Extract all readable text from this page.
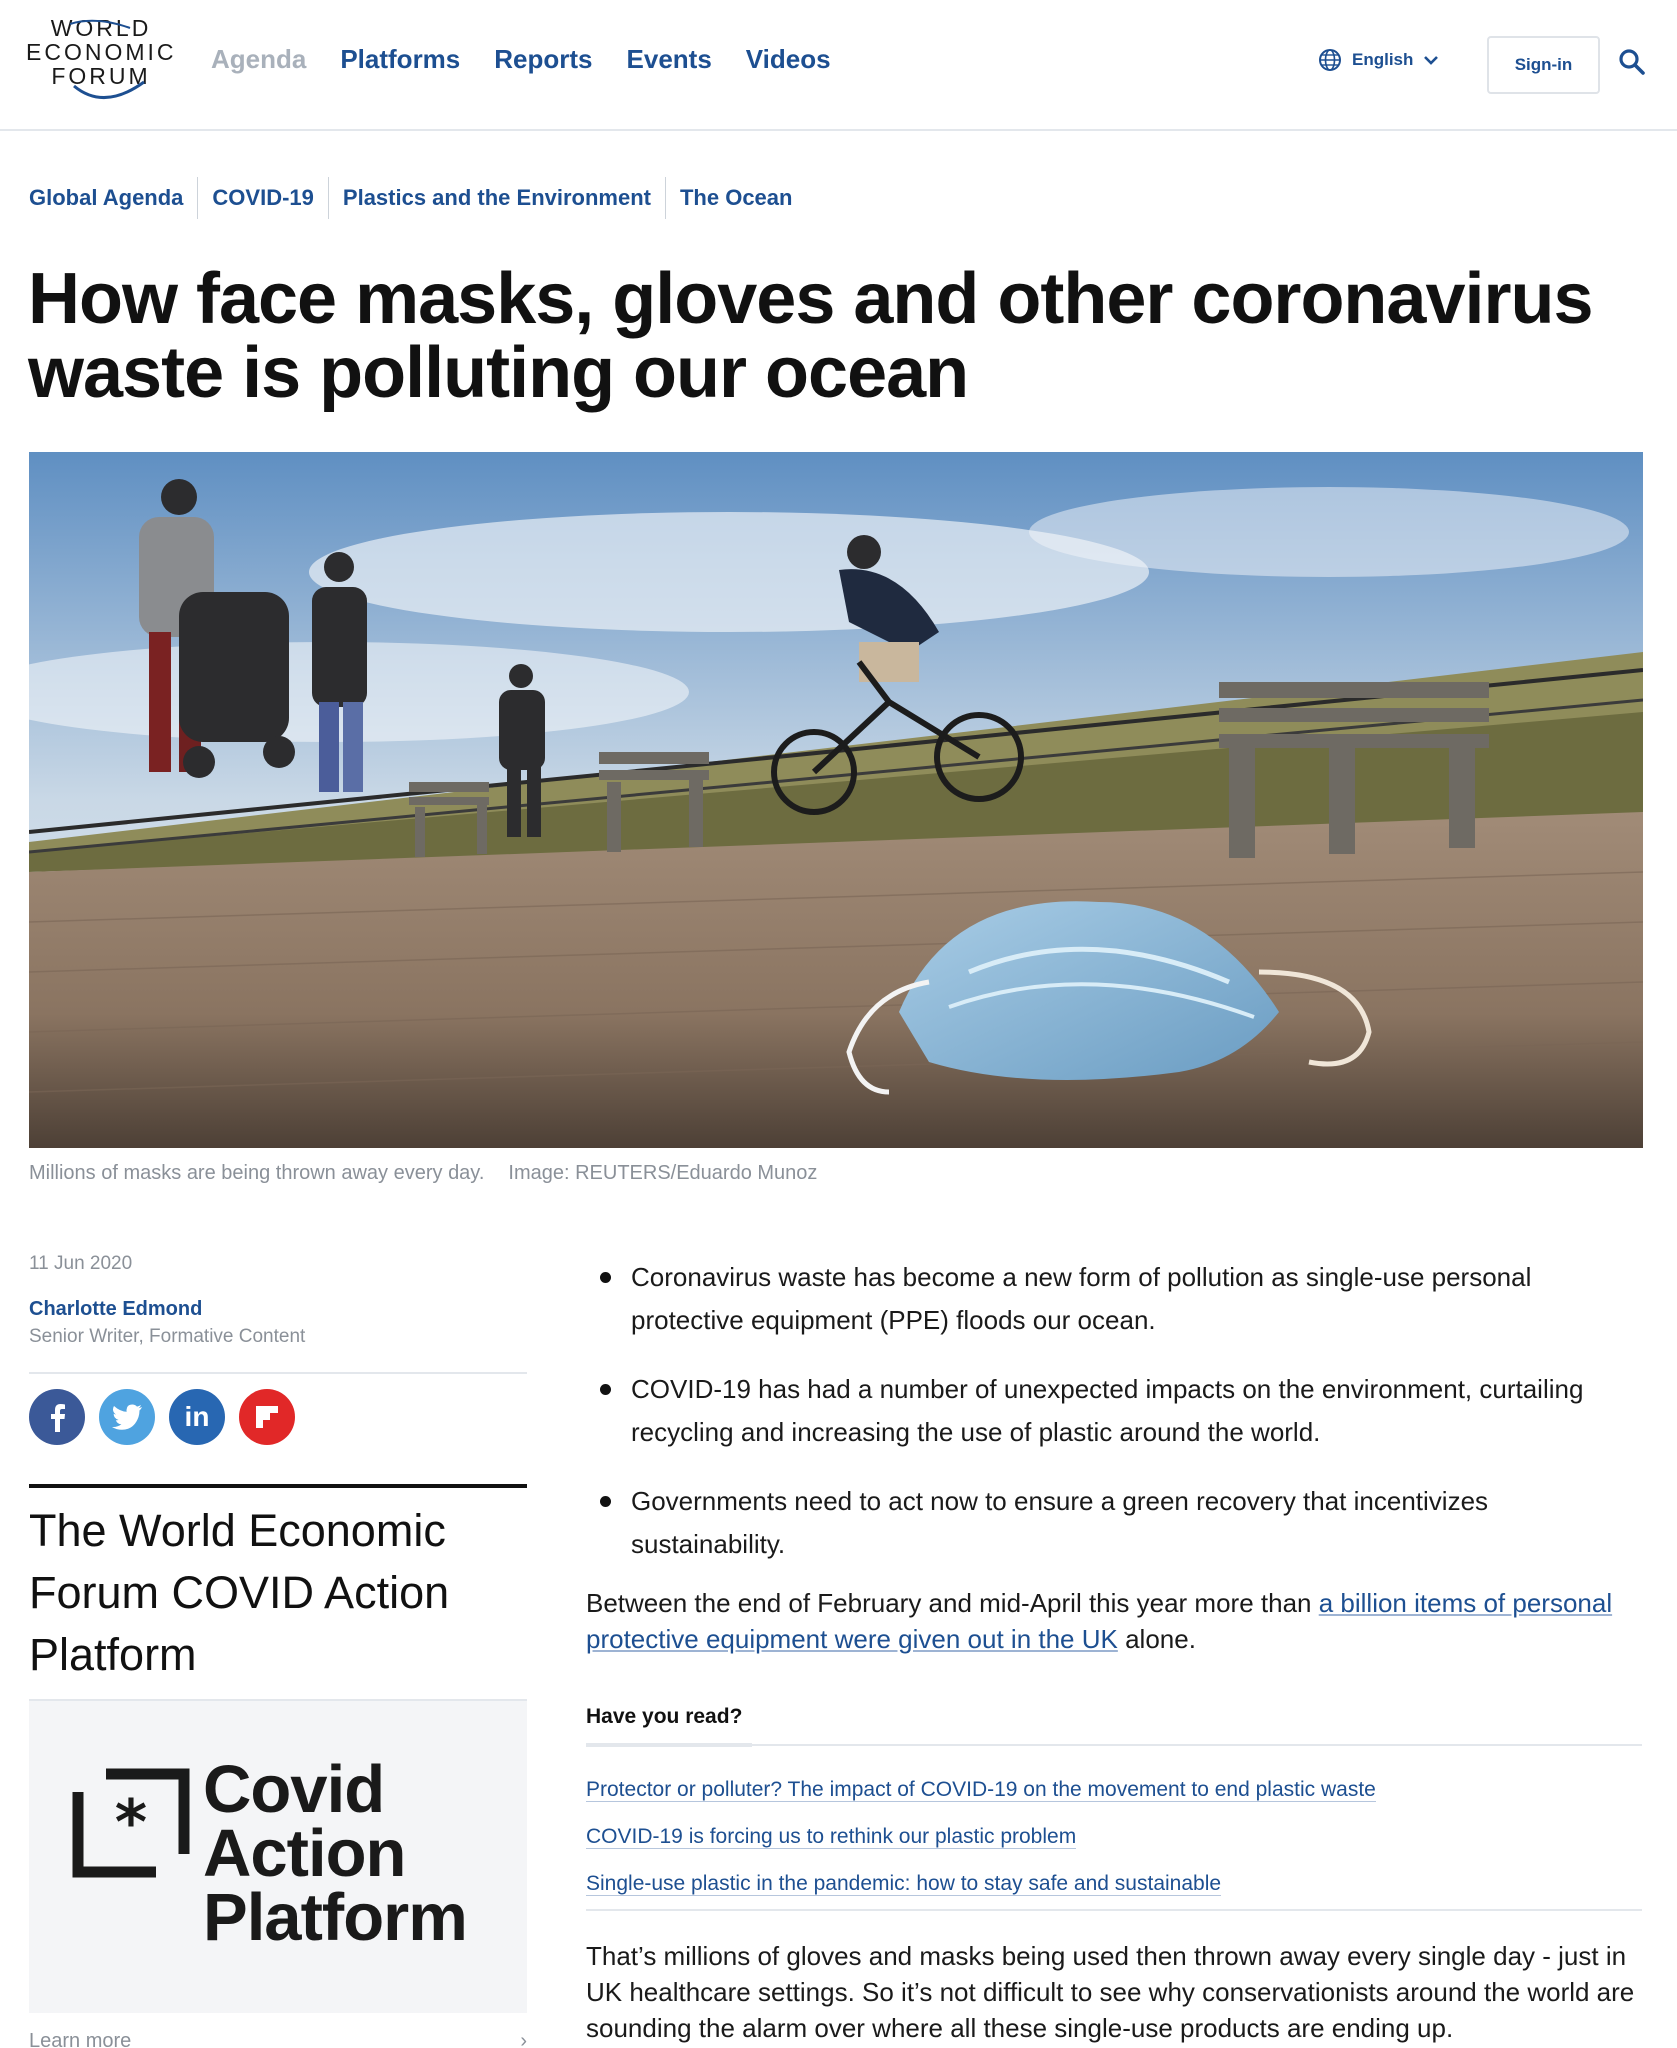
WORLD
ECONOMIC
FORUM
Agenda Platforms Reports Events Videos	English	Sign-in
Global Agenda	COVID-19	Plastics and the Environment	The Ocean
How face masks, gloves and other coronavirus waste is polluting our ocean
Millions of masks are being thrown away every day. Image: REUTERS/Eduardo Munoz
11 Jun 2020
Charlotte Edmond
Senior Writer, Formative Content
in
The World Economic Forum COVID Action Platform
* Covid
Action
Platform
Learn more	›
Coronavirus waste has become a new form of pollution as single-use personal protective equipment (PPE) floods our ocean.
COVID-19 has had a number of unexpected impacts on the environment, curtailing recycling and increasing the use of plastic around the world.
Governments need to act now to ensure a green recovery that incentivizes sustainability.

Between the end of February and mid-April this year more than a billion items of personal protective equipment were given out in the UK alone.

Have you read?
Protector or polluter? The impact of COVID-19 on the movement to end plastic waste
COVID-19 is forcing us to rethink our plastic problem
Single-use plastic in the pandemic: how to stay safe and sustainable

That’s millions of gloves and masks being used then thrown away every single day - just in UK healthcare settings. So it’s not difficult to see why conservationists around the world are sounding the alarm over where all these single-use products are ending up.
